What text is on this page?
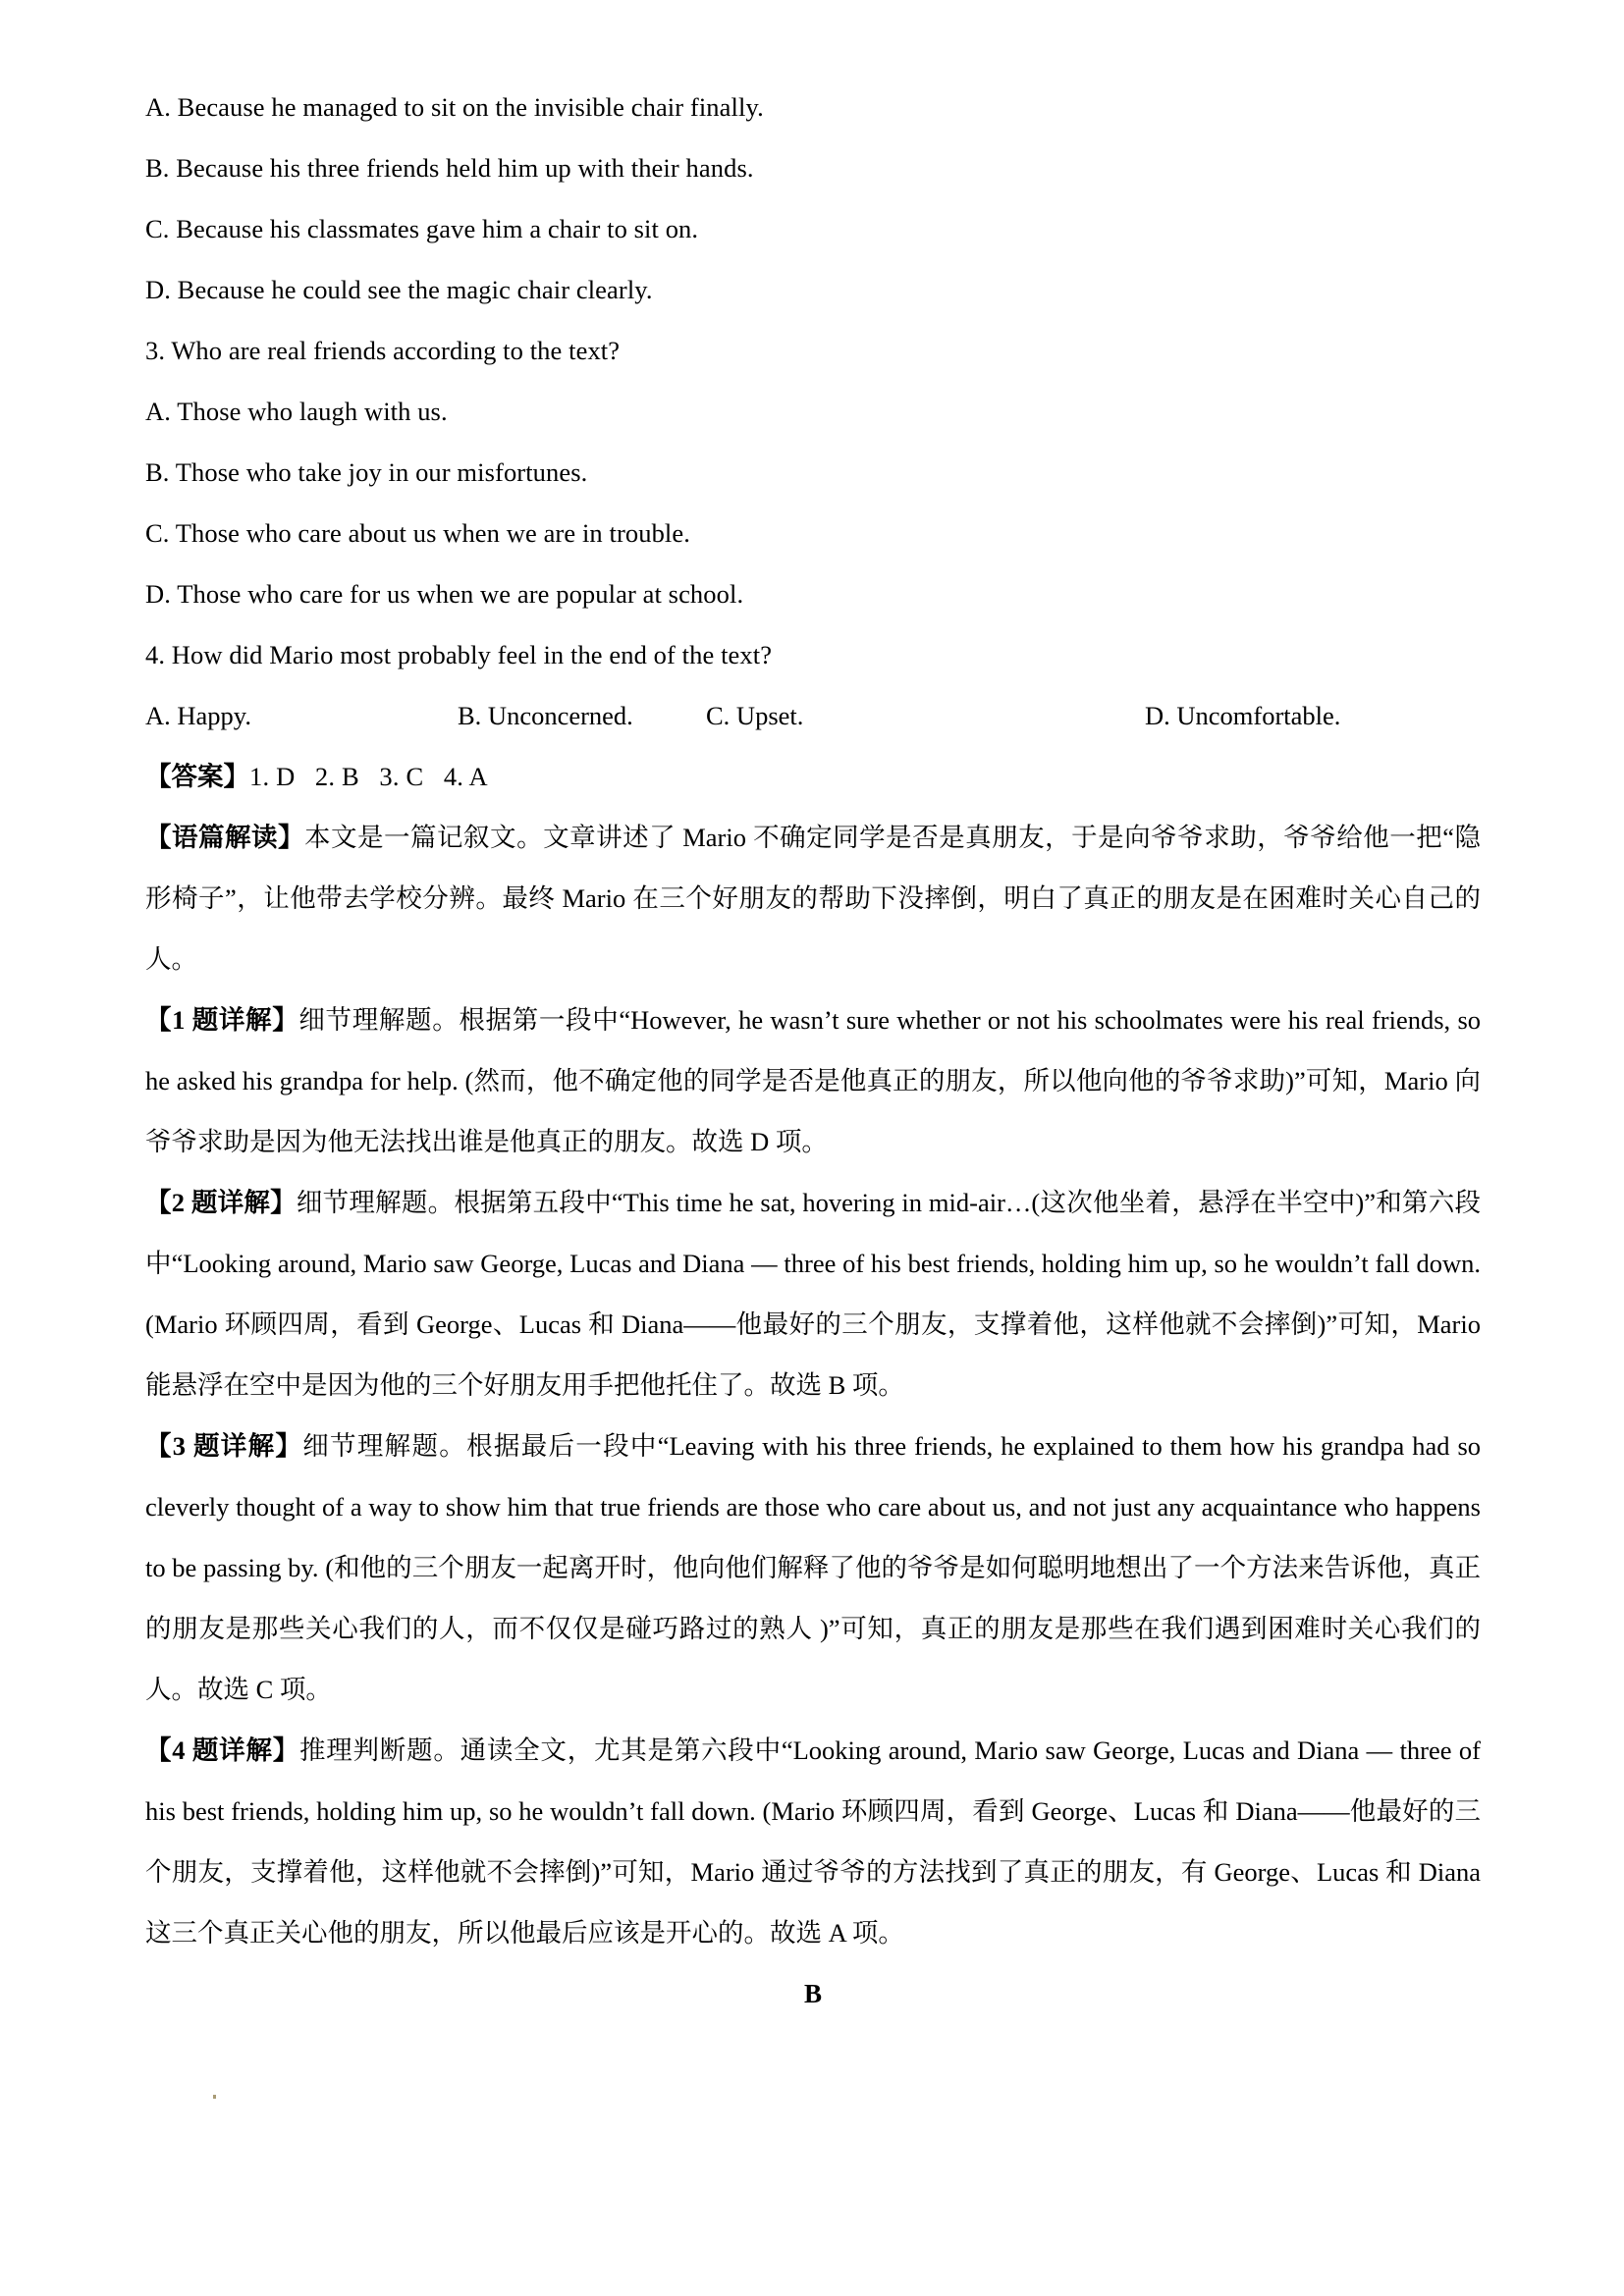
A. Because he managed to sit on the invisible chair finally.
B. Because his three friends held him up with their hands.
C. Because his classmates gave him a chair to sit on.
D. Because he could see the magic chair clearly.
3. Who are real friends according to the text?
A. Those who laugh with us.
B. Those who take joy in our misfortunes.
C. Those who care about us when we are in trouble.
D. Those who care for us when we are popular at school.
4. How did Mario most probably feel in the end of the text?
A. Happy.	B. Unconcerned.	C. Upset.	D. Uncomfortable.
【答案】1. D   2. B   3. C   4. A

【语篇解读】本文是一篇记叙文。文章讲述了 Mario 不确定同学是否是真朋友，于是向爷爷求助，爷爷给他一把“隐形椅子”，让他带去学校分辨。最终 Mario 在三个好朋友的帮助下没摔倒，明白了真正的朋友是在困难时关心自己的人。

【1 题详解】细节理解题。根据第一段中“However, he wasn’t sure whether or not his schoolmates were his real friends, so he asked his grandpa for help. (然而，他不确定他的同学是否是他真正的朋友，所以他向他的爷爷求助)”可知，Mario 向爷爷求助是因为他无法找出谁是他真正的朋友。故选 D 项。

【2 题详解】细节理解题。根据第五段中“This time he sat, hovering in mid-air…(这次他坐着，悬浮在半空中)”和第六段中“Looking around, Mario saw George, Lucas and Diana — three of his best friends, holding him up, so he wouldn’t fall down. (Mario 环顾四周，看到 George、Lucas 和 Diana——他最好的三个朋友，支撑着他，这样他就不会摔倒)”可知，Mario 能悬浮在空中是因为他的三个好朋友用手把他托住了。故选 B 项。

【3 题详解】细节理解题。根据最后一段中“Leaving with his three friends, he explained to them how his grandpa had so cleverly thought of a way to show him that true friends are those who care about us, and not just any acquaintance who happens to be passing by. (和他的三个朋友一起离开时，他向他们解释了他的爷爷是如何聪明地想出了一个方法来告诉他，真正的朋友是那些关心我们的人，而不仅仅是碰巧路过的熟人 )”可知，真正的朋友是那些在我们遇到困难时关心我们的人。故选 C 项。

【4 题详解】推理判断题。通读全文，尤其是第六段中“Looking around, Mario saw George, Lucas and Diana — three of his best friends, holding him up, so he wouldn’t fall down. (Mario 环顾四周，看到 George、Lucas 和 Diana——他最好的三个朋友，支撑着他，这样他就不会摔倒)”可知，Mario 通过爷爷的方法找到了真正的朋友，有 George、Lucas 和 Diana 这三个真正关心他的朋友，所以他最后应该是开心的。故选 A 项。

B
